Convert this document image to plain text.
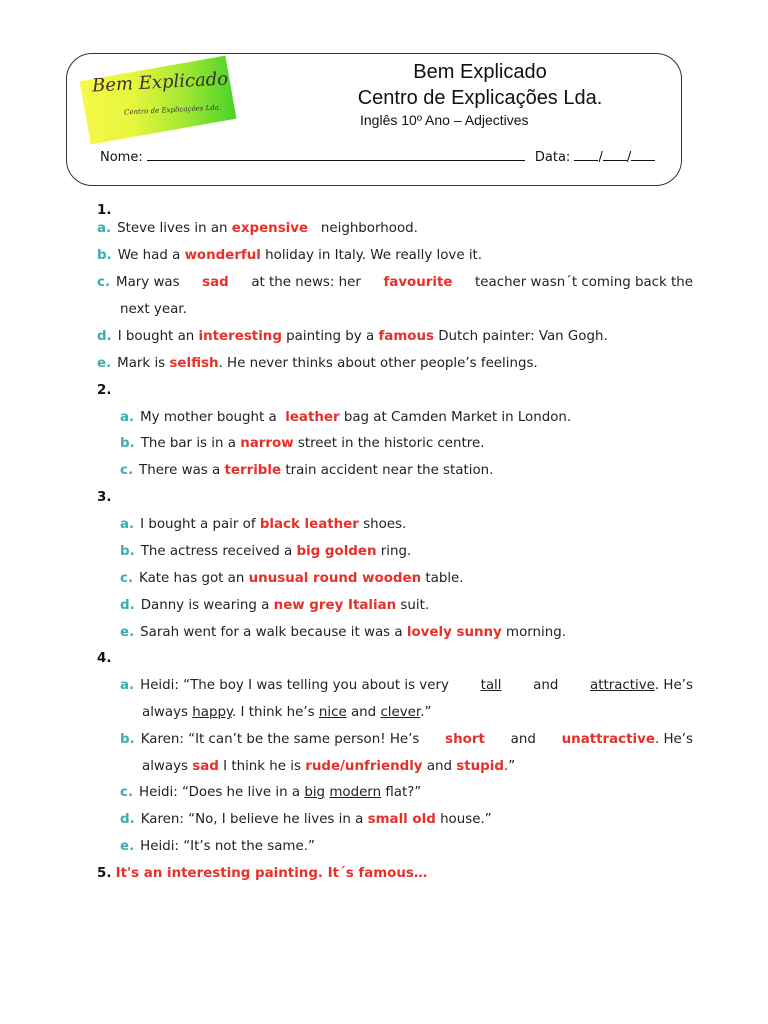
Bem Explicado
Centro de Explicações Lda.
Bem Explicado
Centro de Explicações Lda.
Inglês 10º Ano – Adjectives
Nome:	Data: / /
1.
a. Steve lives in an expensive neighborhood.
b. We had a wonderful holiday in Italy. We really love it.
c. Mary was sad at the news: her favourite teacher wasn´t coming back the
next year.
d. I bought an interesting painting by a famous Dutch painter: Van Gogh.
e. Mark is selfish. He never thinks about other people’s feelings.
2.
a. My mother bought a leather bag at Camden Market in London.
b. The bar is in a narrow street in the historic centre.
c. There was a terrible train accident near the station.
3.
a. I bought a pair of black leather shoes.
b. The actress received a big golden ring.
c. Kate has got an unusual round wooden table.
d. Danny is wearing a new grey Italian suit.
e. Sarah went for a walk because it was a lovely sunny morning.
4.
a. Heidi: “The boy I was telling you about is very tall and attractive. He’s
always happy. I think he’s nice and clever.”
b. Karen: “It can’t be the same person! He’s short and unattractive. He’s
always sad I think he is rude/unfriendly and stupid.”
c. Heidi: “Does he live in a big modern flat?”
d. Karen: “No, I believe he lives in a small old house.”
e. Heidi: “It’s not the same.”
5. It's an interesting painting. It´s famous…
